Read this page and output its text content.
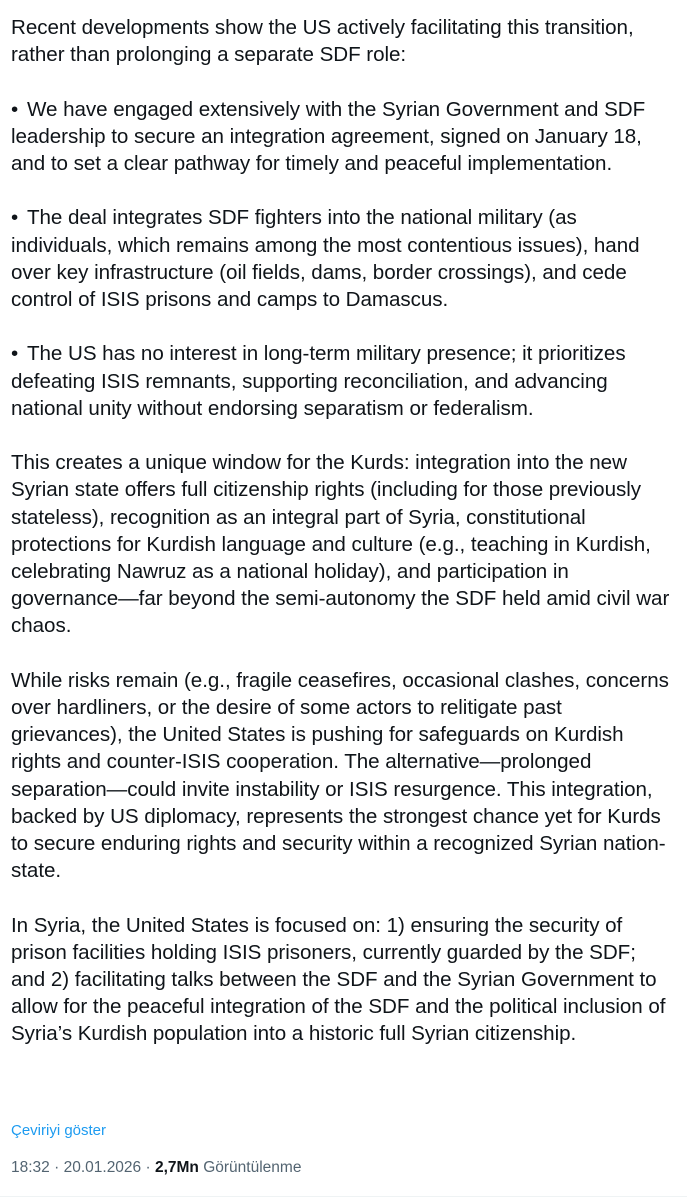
Recent developments show the US actively facilitating this transition, rather than prolonging a separate SDF role:

• We have engaged extensively with the Syrian Government and SDF leadership to secure an integration agreement, signed on January 18, and to set a clear pathway for timely and peaceful implementation.

• The deal integrates SDF fighters into the national military (as individuals, which remains among the most contentious issues), hand over key infrastructure (oil fields, dams, border crossings), and cede control of ISIS prisons and camps to Damascus.

• The US has no interest in long-term military presence; it prioritizes defeating ISIS remnants, supporting reconciliation, and advancing national unity without endorsing separatism or federalism.

This creates a unique window for the Kurds: integration into the new Syrian state offers full citizenship rights (including for those previously stateless), recognition as an integral part of Syria, constitutional protections for Kurdish language and culture (e.g., teaching in Kurdish, celebrating Nawruz as a national holiday), and participation in governance—far beyond the semi-autonomy the SDF held amid civil war chaos.

While risks remain (e.g., fragile ceasefires, occasional clashes, concerns over hardliners, or the desire of some actors to relitigate past grievances), the United States is pushing for safeguards on Kurdish rights and counter-ISIS cooperation. The alternative—prolonged separation—could invite instability or ISIS resurgence. This integration, backed by US diplomacy, represents the strongest chance yet for Kurds to secure enduring rights and security within a recognized Syrian nation-state.

In Syria, the United States is focused on: 1) ensuring the security of prison facilities holding ISIS prisoners, currently guarded by the SDF; and 2) facilitating talks between the SDF and the Syrian Government to allow for the peaceful integration of the SDF and the political inclusion of Syria’s Kurdish population into a historic full Syrian citizenship.

Çeviriyi göster
18:32 · 20.01.2026 · 2,7Mn Görüntülenme
